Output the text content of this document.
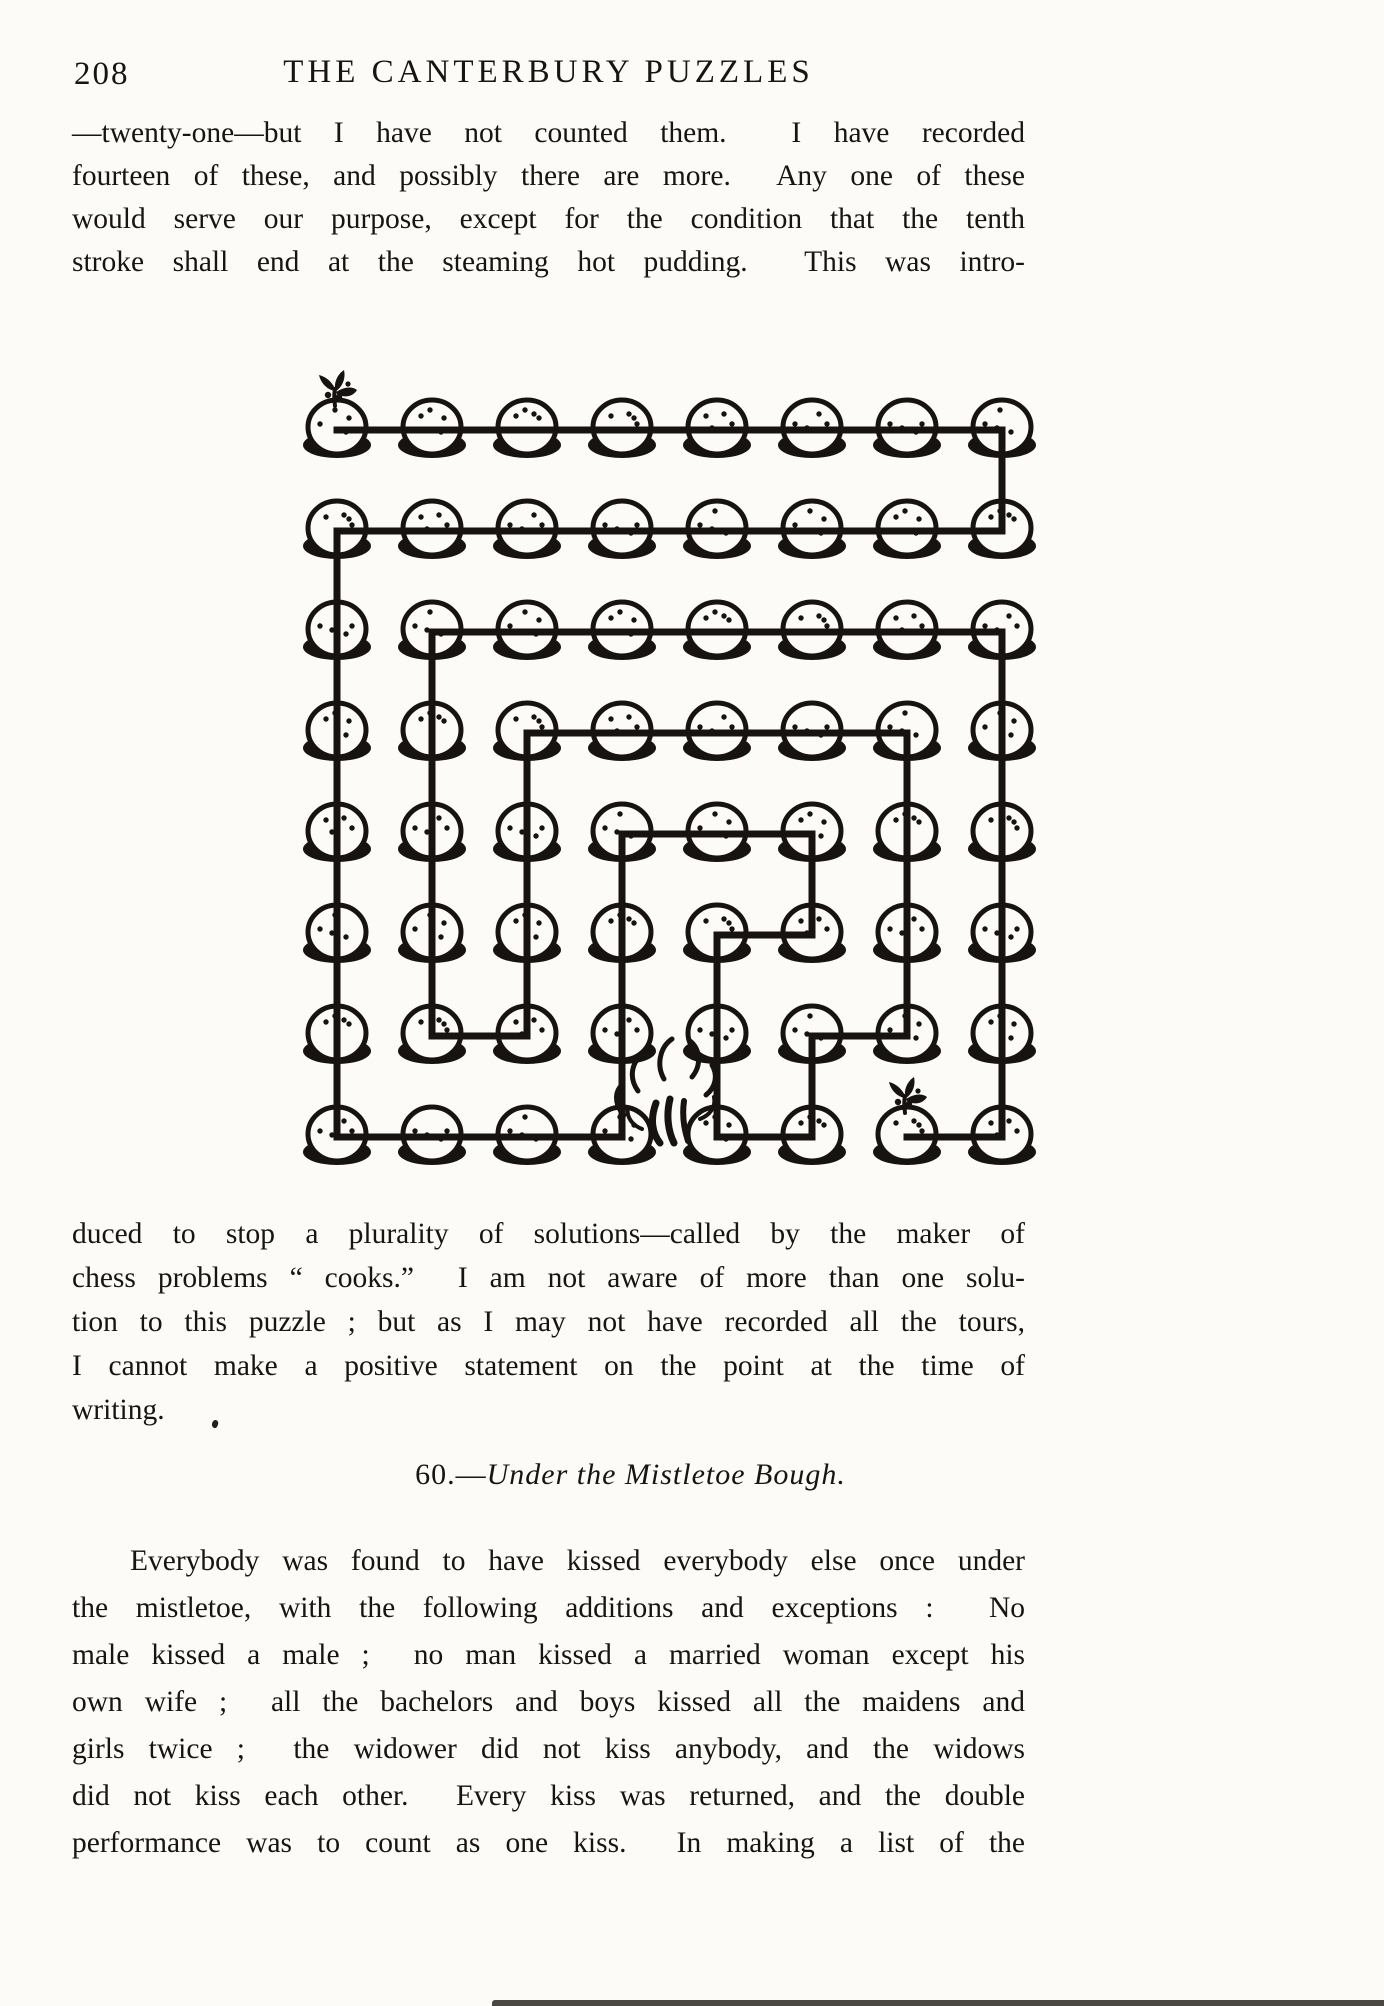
208	THE CANTERBURY PUZZLES
—twenty-one—but I have not counted them.  I have recorded
fourteen of these, and possibly there are more.  Any one of these
would serve our purpose, except for the condition that the tenth
stroke shall end at the steaming hot pudding.  This was intro-
duced to stop a plurality of solutions—called by the maker of
chess problems “ cooks.”  I am not aware of more than one solu-
tion to this puzzle ; but as I may not have recorded all the tours,
I cannot make a positive statement on the point at the time of
writing.
60.—Under the Mistletoe Bough.
Everybody was found to have kissed everybody else once under
the mistletoe, with the following additions and exceptions :  No
male kissed a male ;  no man kissed a married woman except his
own wife ;  all the bachelors and boys kissed all the maidens and
girls twice ;  the widower did not kiss anybody, and the widows
did not kiss each other.  Every kiss was returned, and the double
performance was to count as one kiss.  In making a list of the
